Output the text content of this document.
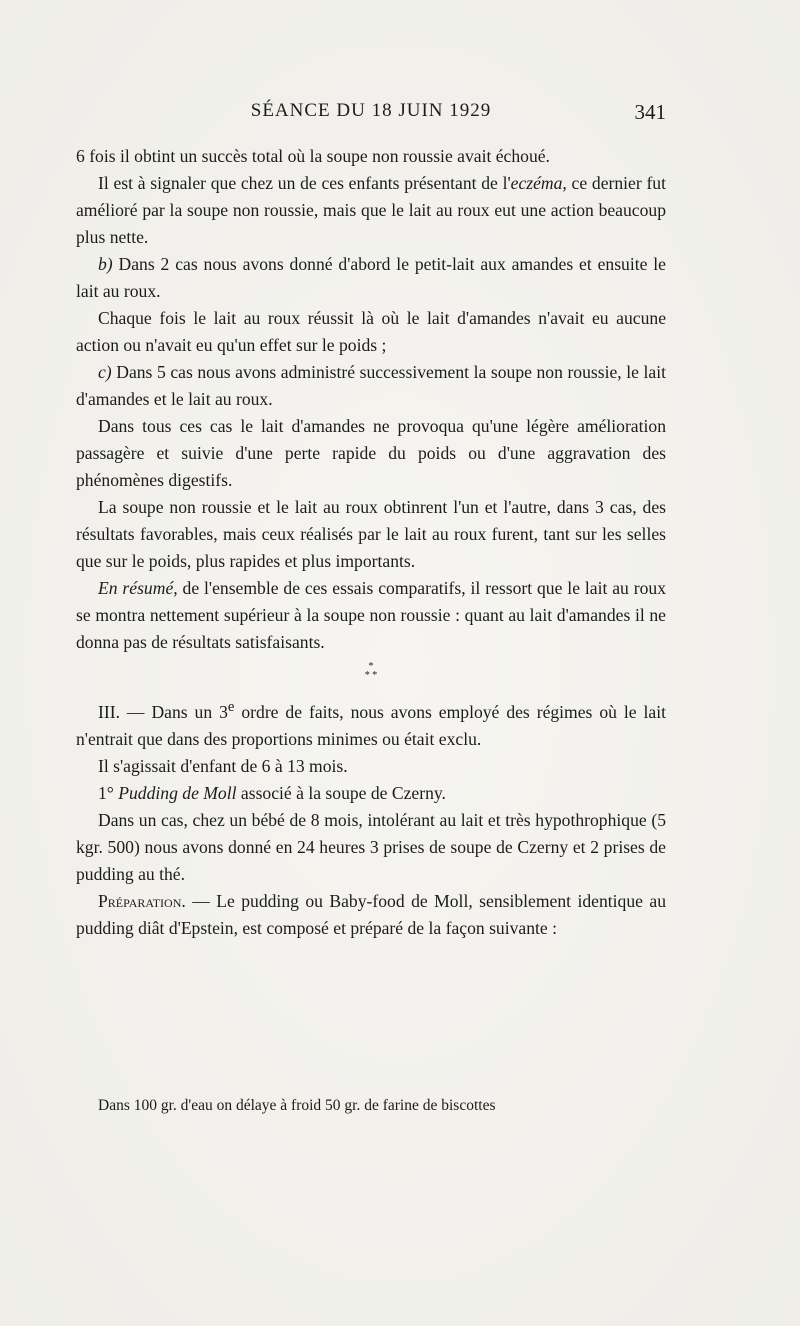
SÉANCE DU 18 JUIN 1929	341

6 fois il obtint un succès total où la soupe non roussie avait échoué.

Il est à signaler que chez un de ces enfants présentant de l'eczéma, ce dernier fut amélioré par la soupe non roussie, mais que le lait au roux eut une action beaucoup plus nette.

b) Dans 2 cas nous avons donné d'abord le petit-lait aux amandes et ensuite le lait au roux.

Chaque fois le lait au roux réussit là où le lait d'amandes n'avait eu aucune action ou n'avait eu qu'un effet sur le poids ;

c) Dans 5 cas nous avons administré successivement la soupe non roussie, le lait d'amandes et le lait au roux.

Dans tous ces cas le lait d'amandes ne provoqua qu'une légère amélioration passagère et suivie d'une perte rapide du poids ou d'une aggravation des phénomènes digestifs.

La soupe non roussie et le lait au roux obtinrent l'un et l'autre, dans 3 cas, des résultats favorables, mais ceux réalisés par le lait au roux furent, tant sur les selles que sur le poids, plus rapides et plus importants.

En résumé, de l'ensemble de ces essais comparatifs, il ressort que le lait au roux se montra nettement supérieur à la soupe non roussie : quant au lait d'amandes il ne donna pas de résultats satisfaisants.

*
* *

III. — Dans un 3e ordre de faits, nous avons employé des régimes où le lait n'entrait que dans des proportions minimes ou était exclu.

Il s'agissait d'enfant de 6 à 13 mois.

1° Pudding de Moll associé à la soupe de Czerny.

Dans un cas, chez un bébé de 8 mois, intolérant au lait et très hypothrophique (5 kgr. 500) nous avons donné en 24 heures 3 prises de soupe de Czerny et 2 prises de pudding au thé.

Préparation. — Le pudding ou Baby-food de Moll, sensiblement identique au pudding diât d'Epstein, est composé et préparé de la façon suivante :

Dans 100 gr. d'eau on délaye à froid 50 gr. de farine de biscottes
